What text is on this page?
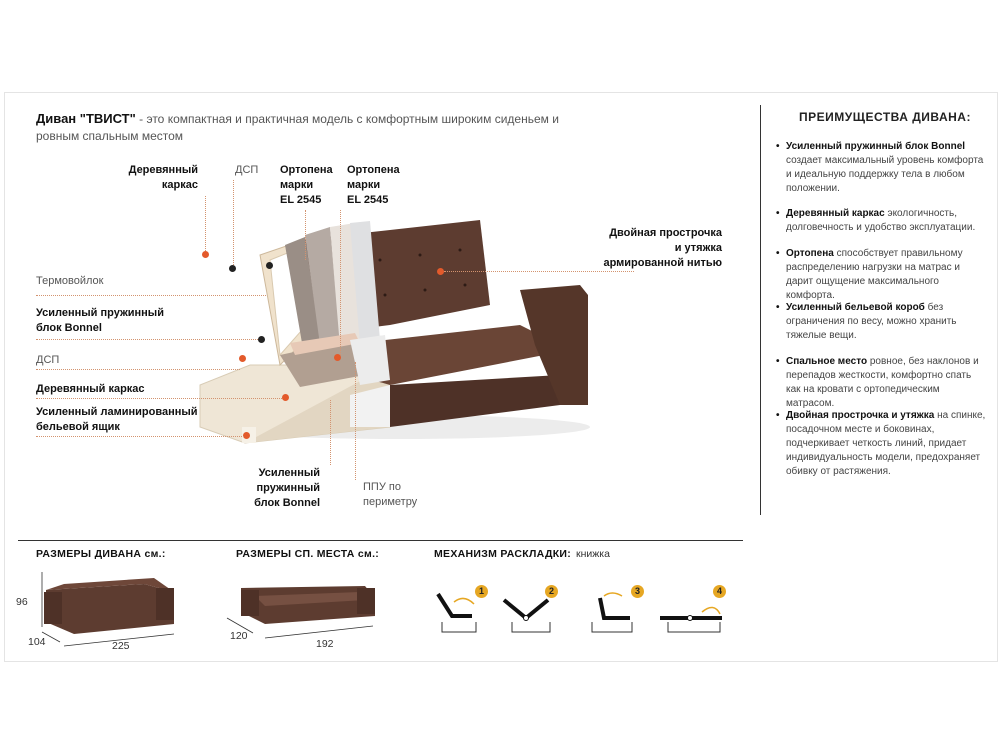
Диван "ТВИСТ" - это компактная и практичная модель с комфортным широким сиденьем и
ровным спальным местом
Деревянный
каркас
ДСП Ортопена
марки
EL 2545
Ортопена
марки
EL 2545
Двойная прострочка
и утяжка
армированной нитью
Термовойлок
Усиленный пружинный
блок Bonnel
ДСП
Деревянный каркас
Усиленный ламинированный
бельевой ящик
Усиленный
пружинный
блок Bonnel
ППУ по
периметру
ПРЕИМУЩЕСТВА ДИВАНА:
• Усиленный пружинный блок Bonnel создает максимальный уровень комфорта и идеальную поддержку тела в любом положении.
• Деревянный каркас экологичность, долговечность и удобство эксплуатации.
• Ортопена способствует правильному распределению нагрузки на матрас и дарит ощущение максимального комфорта.
• Усиленный бельевой короб без ограничения по весу, можно хранить тяжелые вещи.
• Спальное место ровное, без наклонов и перепадов жесткости, комфортно спать как на кровати с ортопедическим матрасом.
• Двойная прострочка и утяжка на спинке, посадочном месте и боковинах, подчеркивает четкость линий, придает индивидуальность модели, предохраняет обивку от растяжения.
РАЗМЕРЫ ДИВАНА см.:
96
104	225
РАЗМЕРЫ СП. МЕСТА см.:
120
192
МЕХАНИЗМ РАСКЛАДКИ: книжка
1	2	3	4
